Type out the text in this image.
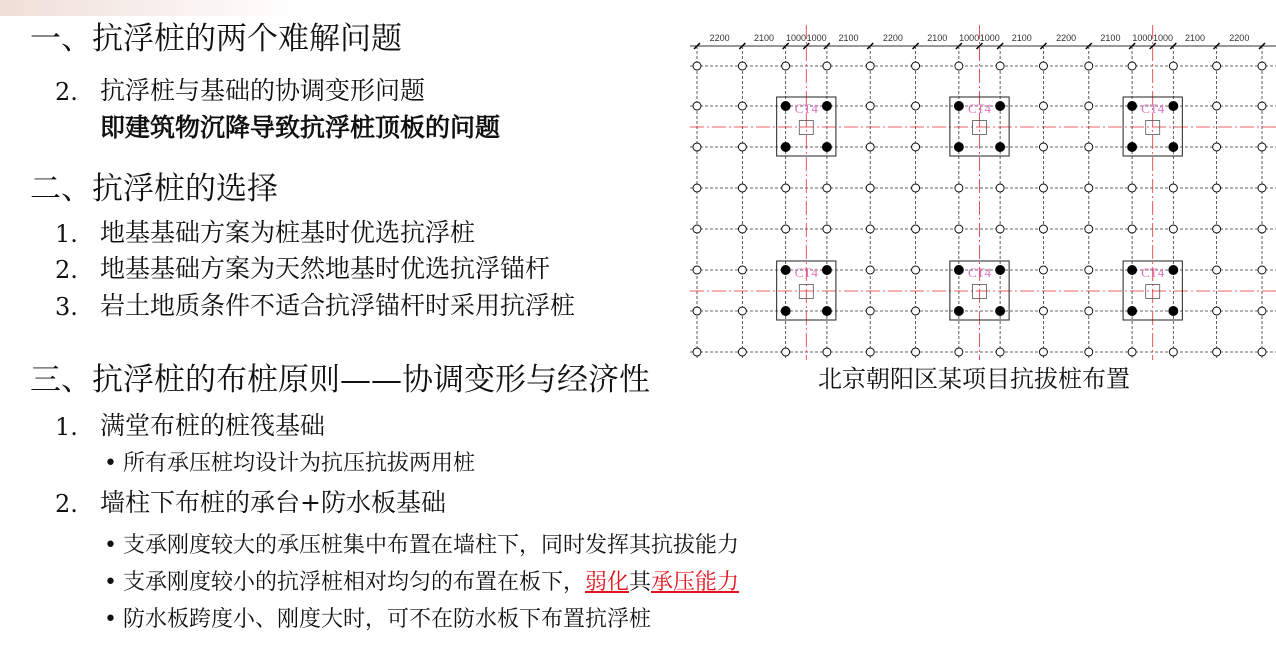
一、抗浮桩的两个难解问题
2. 抗浮桩与基础的协调变形问题
即建筑物沉降导致抗浮桩顶板的问题
二、抗浮桩的选择
1. 地基基础方案为桩基时优选抗浮桩
2. 地基基础方案为天然地基时优选抗浮锚杆
3. 岩土地质条件不适合抗浮锚杆时采用抗浮桩
三、抗浮桩的布桩原则——协调变形与经济性
1. 满堂布桩的桩筏基础
• 所有承压桩均设计为抗压抗拔两用桩
2. 墙柱下布桩的承台+防水板基础
• 支承刚度较大的承压桩集中布置在墙柱下，同时发挥其抗拔能力
• 支承刚度较小的抗浮桩相对均匀的布置在板下，弱化其承压能力
• 防水板跨度小、刚度大时，可不在防水板下布置抗浮桩
2200	2100 1000 1000 2100	2200	2100 1000 1000 2100	2200	2100 1000 1000 2100	2200
CT4	CT4	CT4
CT4	CT4	CT4
北京朝阳区某项目抗拔桩布置
